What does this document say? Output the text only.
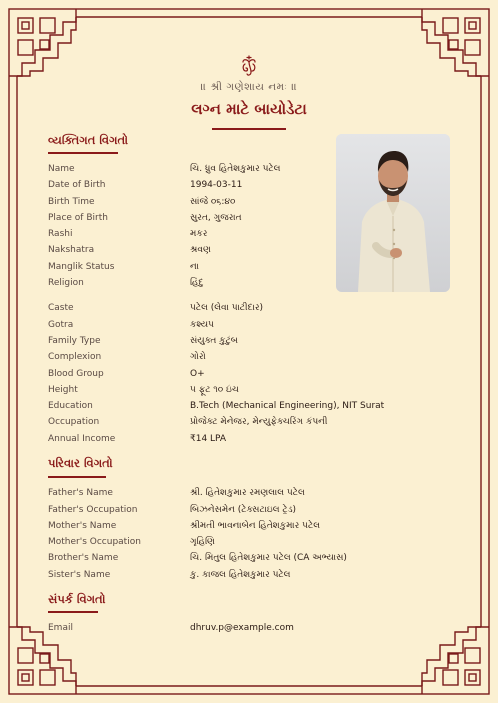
॥ શ્રી ગણેશાય નમઃ ॥
લગ્ન માટે બાયોડેટા
વ્યક્તિગત વિગતો
Name	ચિ. ધ્રુવ હિતેશકુમાર પટેલ
Date of Birth	1994-03-11
Birth Time	સાંજે ૦૬:૪૦
Place of Birth	સુરત, ગુજરાત
Rashi	મકર
Nakshatra	શ્રવણ
Manglik Status	ના
Religion	હિંદુ
Caste	પટેલ (લેવા પાટીદાર)
Gotra	કશ્યપ
Family Type	સંયુક્ત કુટુંબ
Complexion	ગોરો
Blood Group	O+
Height	૫ ફૂટ ૧૦ ઇંચ
Education	B.Tech (Mechanical Engineering), NIT Surat
Occupation	પ્રોજેક્ટ મેનેજર, મેન્યુફેક્ચરિંગ કંપની
Annual Income	₹14 LPA
પરિવાર વિગતો
Father's Name	શ્રી. હિતેશકુમાર રમણલાલ પટેલ
Father's Occupation	બિઝનેસમેન (ટેક્સટાઇલ ટ્રેડ)
Mother's Name	શ્રીમતી ભાવનાબેન હિતેશકુમાર પટેલ
Mother's Occupation	ગૃહિણિ
Brother's Name	ચિ. મિતુલ હિતેશકુમાર પટેલ (CA અભ્યાસ)
Sister's Name	કુ. કાજલ હિતેશકુમાર પટેલ
સંપર્ક વિગતો
Email	dhruv.p@example.com
